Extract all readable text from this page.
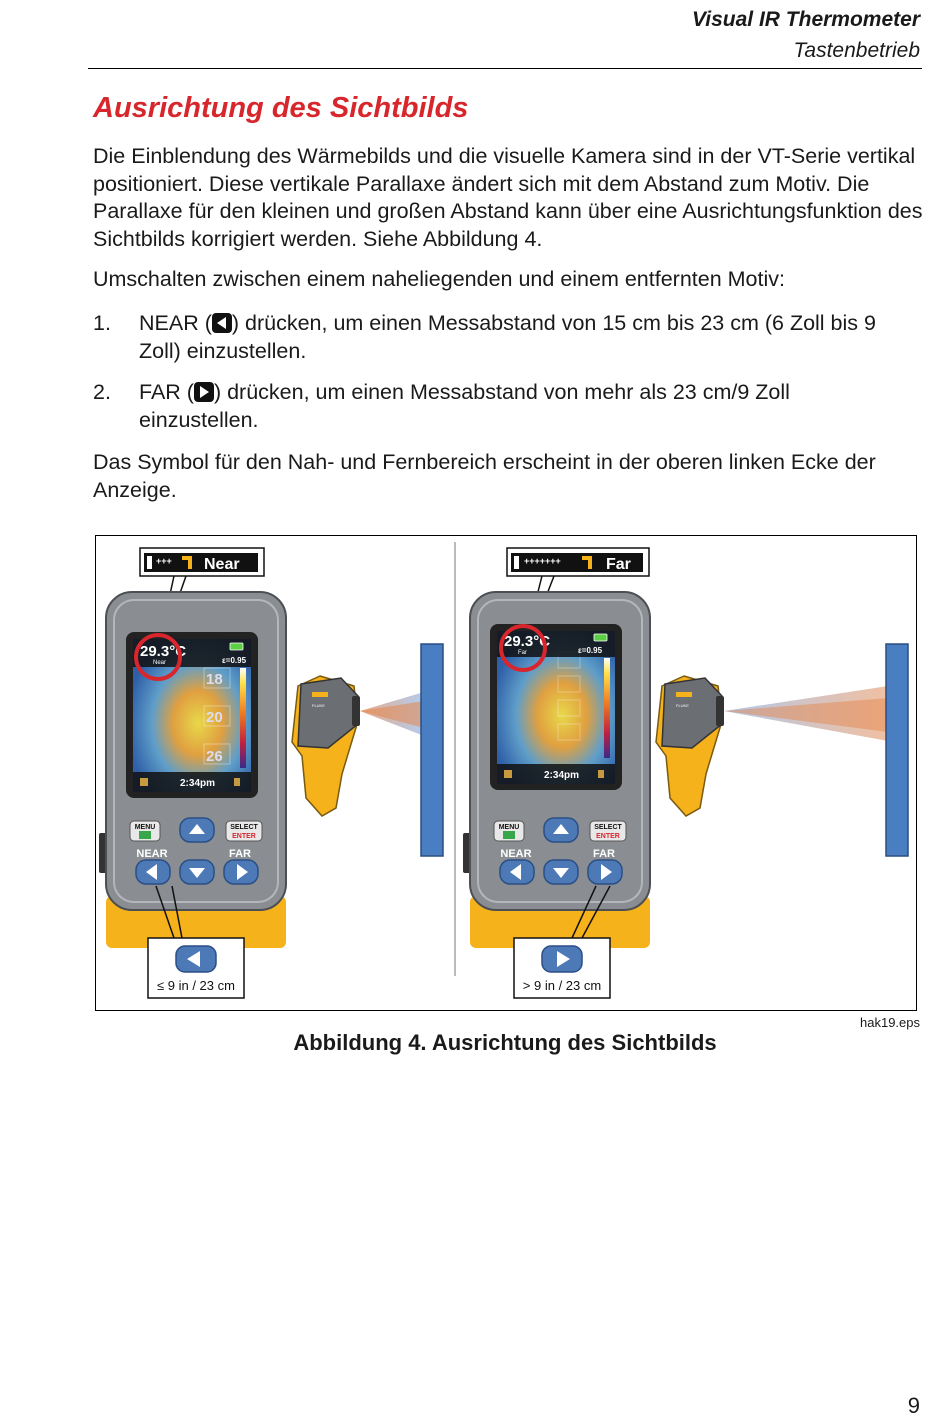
Visual IR Thermometer
Tastenbetrieb
Ausrichtung des Sichtbilds
Die Einblendung des Wärmebilds und die visuelle Kamera sind in der VT-Serie vertikal positioniert. Diese vertikale Parallaxe ändert sich mit dem Abstand zum Motiv. Die Parallaxe für den kleinen und großen Abstand kann über eine Ausrichtungsfunktion des Sichtbilds korrigiert werden. Siehe Abbildung 4.
Umschalten zwischen einem naheliegenden und einem entfernten Motiv:
1. NEAR ( ) drücken, um einen Messabstand von 15 cm bis 23 cm (6 Zoll bis 9 Zoll) einzustellen.
2. FAR ( ) drücken, um einen Messabstand von mehr als 23 cm/9 Zoll einzustellen.
Das Symbol für den Nah- und Fernbereich erscheint in der oberen linken Ecke der Anzeige.
+++ Near
18
20
26
29.3°C
Near	ε=0.95
2:34pm
MENU	SELECT
ENTER
NEAR	FAR
≤ 9 in / 23 cm
FLUKE
+++++++	Far
29.3°C
Far	ε=0.95
2:34pm
MENU	SELECT
ENTER
NEAR	FAR
> 9 in / 23 cm
FLUKE
hak19.eps
Abbildung 4. Ausrichtung des Sichtbilds
9
